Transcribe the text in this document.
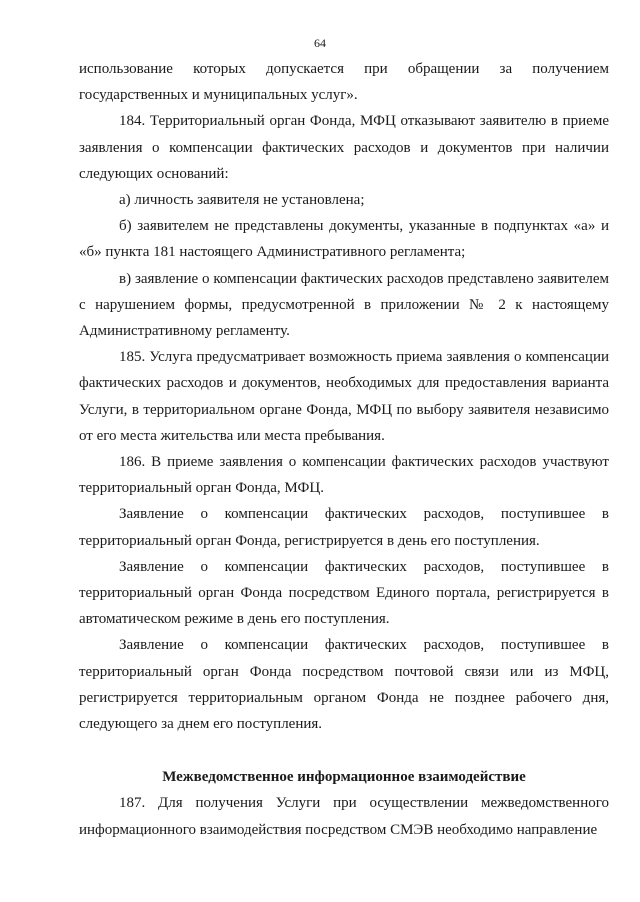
64

использование которых допускается при обращении за получением государственных и муниципальных услуг».

184. Территориальный орган Фонда, МФЦ отказывают заявителю в приеме заявления о компенсации фактических расходов и документов при наличии следующих оснований:

а) личность заявителя не установлена;

б) заявителем не представлены документы, указанные в подпунктах «а» и «б» пункта 181 настоящего Административного регламента;

в) заявление о компенсации фактических расходов представлено заявителем с нарушением формы, предусмотренной в приложении № 2 к настоящему Административному регламенту.

185. Услуга предусматривает возможность приема заявления о компенсации фактических расходов и документов, необходимых для предоставления варианта Услуги, в территориальном органе Фонда, МФЦ по выбору заявителя независимо от его места жительства или места пребывания.

186. В приеме заявления о компенсации фактических расходов участвуют территориальный орган Фонда, МФЦ.

Заявление о компенсации фактических расходов, поступившее в территориальный орган Фонда, регистрируется в день его поступления.

Заявление о компенсации фактических расходов, поступившее в территориальный орган Фонда посредством Единого портала, регистрируется в автоматическом режиме в день его поступления.

Заявление о компенсации фактических расходов, поступившее в территориальный орган Фонда посредством почтовой связи или из МФЦ, регистрируется территориальным органом Фонда не позднее рабочего дня, следующего за днем его поступления.

Межведомственное информационное взаимодействие

187. Для получения Услуги при осуществлении межведомственного информационного взаимодействия посредством СМЭВ необходимо направление
